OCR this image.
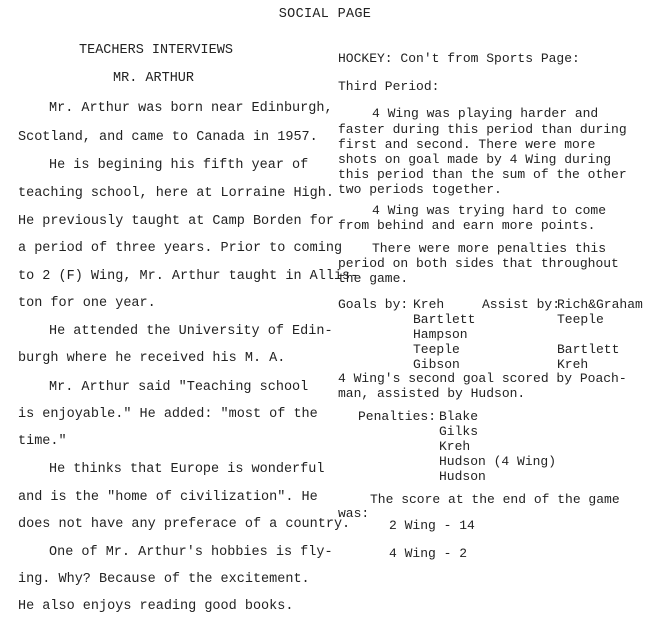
SOCIAL PAGE
TEACHERS INTERVIEWS
MR. ARTHUR
Mr. Arthur was born near Edinburgh,
Scotland, and came to Canada in 1957.
He is begining his fifth year of
teaching school, here at Lorraine High.
He previously taught at Camp Borden for
a period of three years. Prior to coming
to 2 (F) Wing, Mr. Arthur taught in Allis-
ton for one year.
He attended the University of Edin-
burgh where he received his M. A.
Mr. Arthur said "Teaching school
is enjoyable." He added: "most of the
time."
He thinks that Europe is wonderful
and is the "home of civilization". He
does not have any preferace of a country.
One of Mr. Arthur's hobbies is fly-
ing. Why? Because of the excitement.
He also enjoys reading good books.
HOCKEY: Con't from Sports Page:
Third Period:
4 Wing was playing harder and
faster during this period than during
first and second. There were more
shots on goal made by 4 Wing during
this period than the sum of the other
two periods together.
4 Wing was trying hard to come
from behind and earn more points.
There were more penalties this
period on both sides that throughout
the game.
Goals by:	Assist by:
Kreh
Bartlett
Hampson
Teeple
Gibson
Rich&Graham
Teeple
Bartlett
Kreh
4 Wing's second goal scored by Poach-
man, assisted by Hudson.
Penalties: Blake
Gilks
Kreh
Hudson (4 Wing)
Hudson
The score at the end of the game
was:
2 Wing - 14
4 Wing - 2
